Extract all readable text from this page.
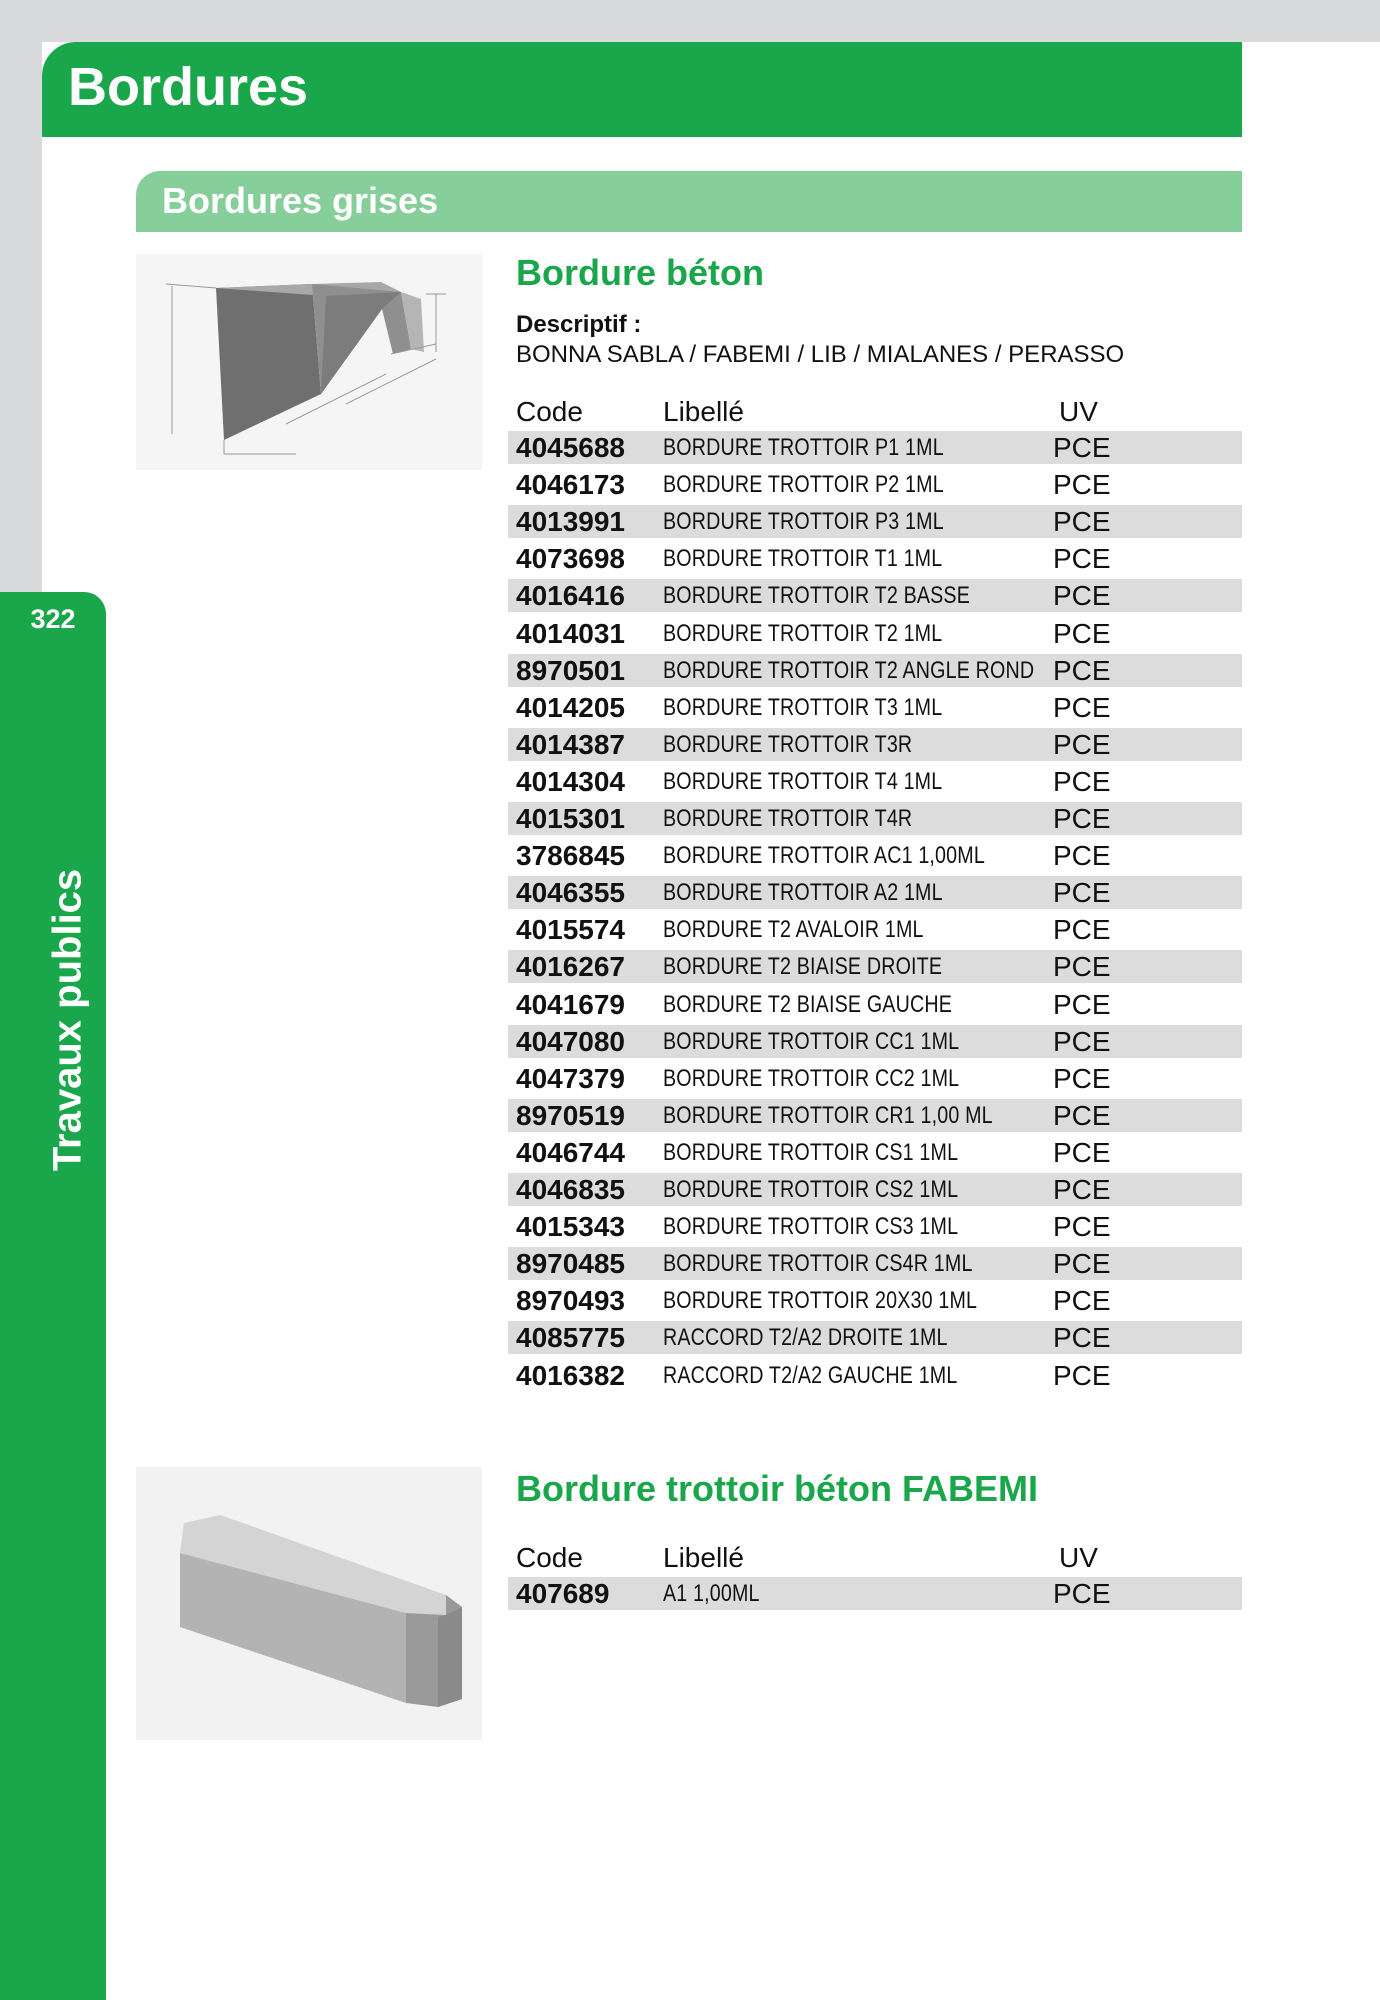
322
Travaux publics
Bordures
Bordures grises
Bordure béton
Descriptif :
BONNA SABLA / FABEMI / LIB / MIALANES / PERASSO
Code	Libellé	UV
4045688 BORDURE TROTTOIR P1 1ML	PCE
4046173 BORDURE TROTTOIR P2 1ML	PCE
4013991 BORDURE TROTTOIR P3 1ML	PCE
4073698 BORDURE TROTTOIR T1 1ML	PCE
4016416 BORDURE TROTTOIR T2 BASSE	PCE
4014031 BORDURE TROTTOIR T2 1ML	PCE
8970501 BORDURE TROTTOIR T2 ANGLE ROND PCE
4014205 BORDURE TROTTOIR T3 1ML	PCE
4014387 BORDURE TROTTOIR T3R	PCE
4014304 BORDURE TROTTOIR T4 1ML	PCE
4015301 BORDURE TROTTOIR T4R	PCE
3786845 BORDURE TROTTOIR AC1 1,00ML PCE
4046355 BORDURE TROTTOIR A2 1ML	PCE
4015574 BORDURE T2 AVALOIR 1ML	PCE
4016267 BORDURE T2 BIAISE DROITE	PCE
4041679 BORDURE T2 BIAISE GAUCHE	PCE
4047080 BORDURE TROTTOIR CC1 1ML	PCE
4047379 BORDURE TROTTOIR CC2 1ML	PCE
8970519 BORDURE TROTTOIR CR1 1,00 ML PCE
4046744 BORDURE TROTTOIR CS1 1ML	PCE
4046835 BORDURE TROTTOIR CS2 1ML	PCE
4015343 BORDURE TROTTOIR CS3 1ML	PCE
8970485 BORDURE TROTTOIR CS4R 1ML	PCE
8970493 BORDURE TROTTOIR 20X30 1ML	PCE
4085775 RACCORD T2/A2 DROITE 1ML	PCE
4016382 RACCORD T2/A2 GAUCHE 1ML	PCE
Bordure trottoir béton FABEMI
Code	Libellé	UV
407689 A1 1,00ML	PCE
